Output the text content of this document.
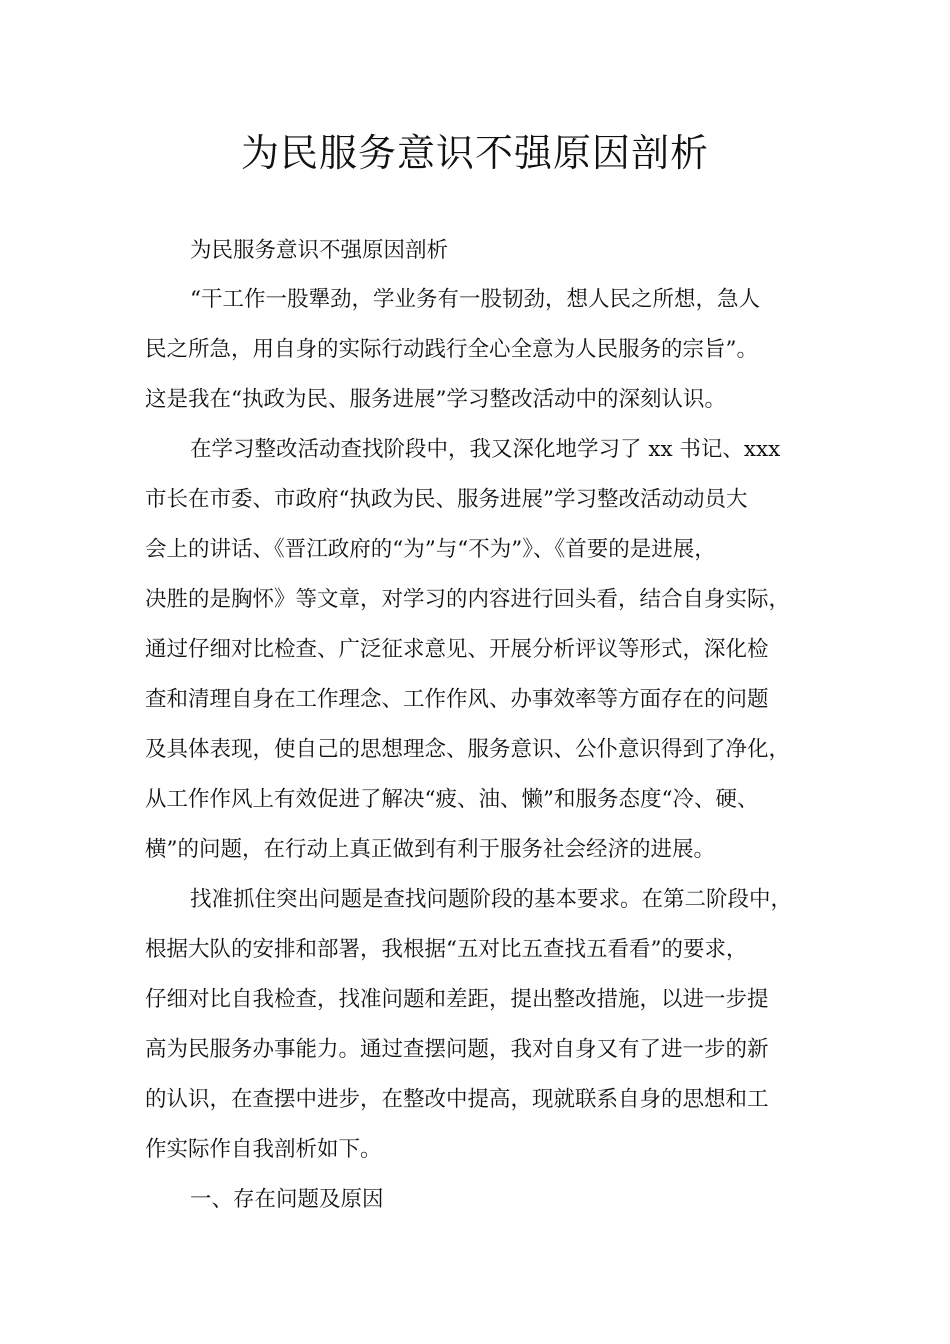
为民服务意识不强原因剖析
为民服务意识不强原因剖析
“干工作一股犟劲，学业务有一股韧劲，想人民之所想，急人
民之所急，用自身的实际行动践行全心全意为人民服务的宗旨”。
这是我在“执政为民、服务进展”学习整改活动中的深刻认识。
在学习整改活动查找阶段中，我又深化地学习了 xx 书记、xxx
市长在市委、市政府“执政为民、服务进展”学习整改活动动员大
会上的讲话、《晋江政府的“为”与“不为”》、《首要的是进展，
决胜的是胸怀》等文章，对学习的内容进行回头看，结合自身实际，
通过仔细对比检查、广泛征求意见、开展分析评议等形式，深化检
查和清理自身在工作理念、工作作风、办事效率等方面存在的问题
及具体表现，使自己的思想理念、服务意识、公仆意识得到了净化，
从工作作风上有效促进了解决“疲、油、懒”和服务态度“冷、硬、
横”的问题，在行动上真正做到有利于服务社会经济的进展。
找准抓住突出问题是查找问题阶段的基本要求。在第二阶段中，
根据大队的安排和部署，我根据“五对比五查找五看看”的要求，
仔细对比自我检查，找准问题和差距，提出整改措施，以进一步提
高为民服务办事能力。通过查摆问题，我对自身又有了进一步的新
的认识，在查摆中进步，在整改中提高，现就联系自身的思想和工
作实际作自我剖析如下。
一、存在问题及原因
